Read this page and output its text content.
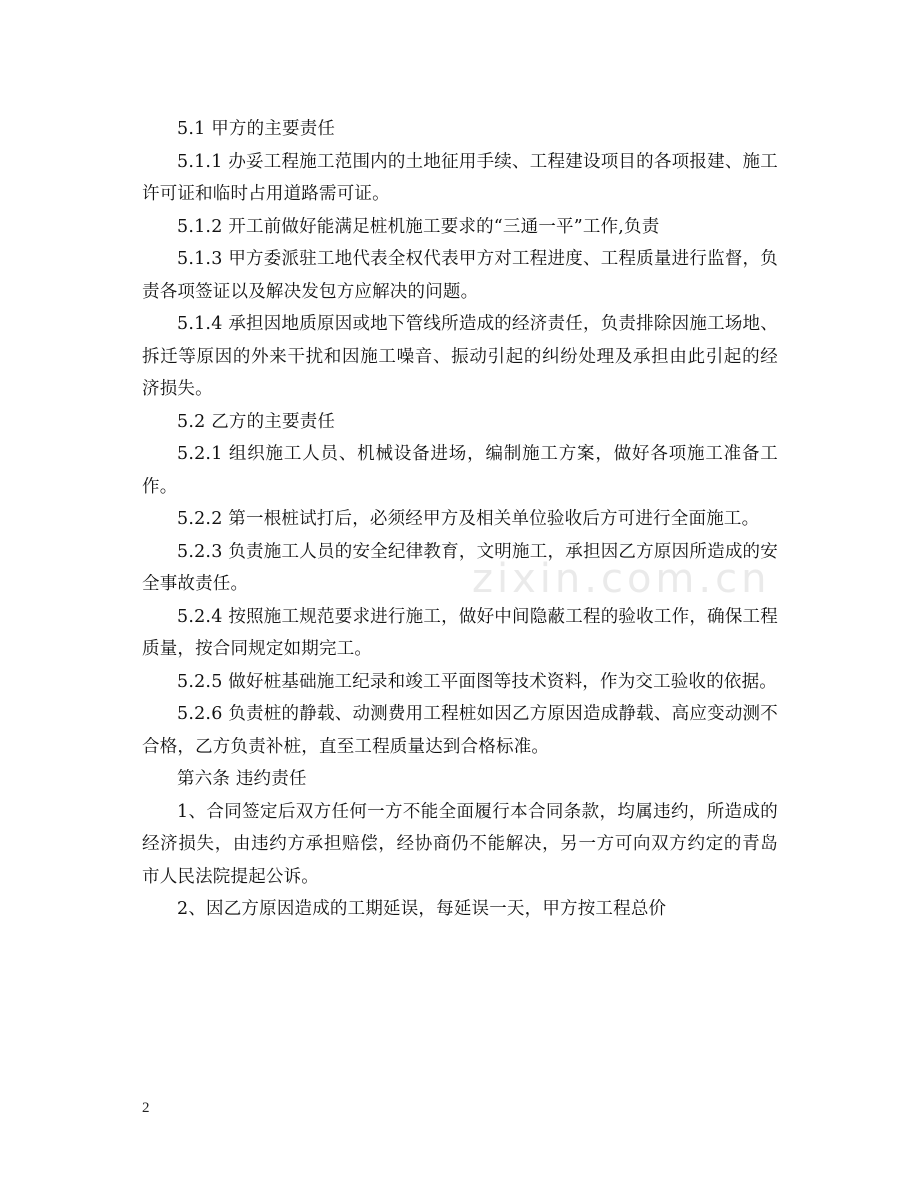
5.1 甲方的主要责任

5.1.1 办妥工程施工范围内的土地征用手续、工程建设项目的各项报建、施工许可证和临时占用道路需可证。

5.1.2 开工前做好能满足桩机施工要求的“三通一平”工作,负责

5.1.3 甲方委派驻工地代表全权代表甲方对工程进度、工程质量进行监督，负责各项签证以及解决发包方应解决的问题。

5.1.4 承担因地质原因或地下管线所造成的经济责任，负责排除因施工场地、拆迁等原因的外来干扰和因施工噪音、振动引起的纠纷处理及承担由此引起的经济损失。

5.2 乙方的主要责任

5.2.1 组织施工人员、机械设备进场，编制施工方案，做好各项施工准备工作。

5.2.2 第一根桩试打后，必须经甲方及相关单位验收后方可进行全面施工。

5.2.3 负责施工人员的安全纪律教育，文明施工，承担因乙方原因所造成的安全事故责任。

5.2.4 按照施工规范要求进行施工，做好中间隐蔽工程的验收工作，确保工程质量，按合同规定如期完工。

5.2.5 做好桩基础施工纪录和竣工平面图等技术资料，作为交工验收的依据。

5.2.6 负责桩的静载、动测费用工程桩如因乙方原因造成静载、高应变动测不合格，乙方负责补桩，直至工程质量达到合格标准。

第六条 违约责任

1、合同签定后双方任何一方不能全面履行本合同条款，均属违约，所造成的经济损失，由违约方承担赔偿，经协商仍不能解决，另一方可向双方约定的青岛市人民法院提起公诉。

2、因乙方原因造成的工期延误，每延误一天，甲方按工程总价

zixin.com.cn
2
